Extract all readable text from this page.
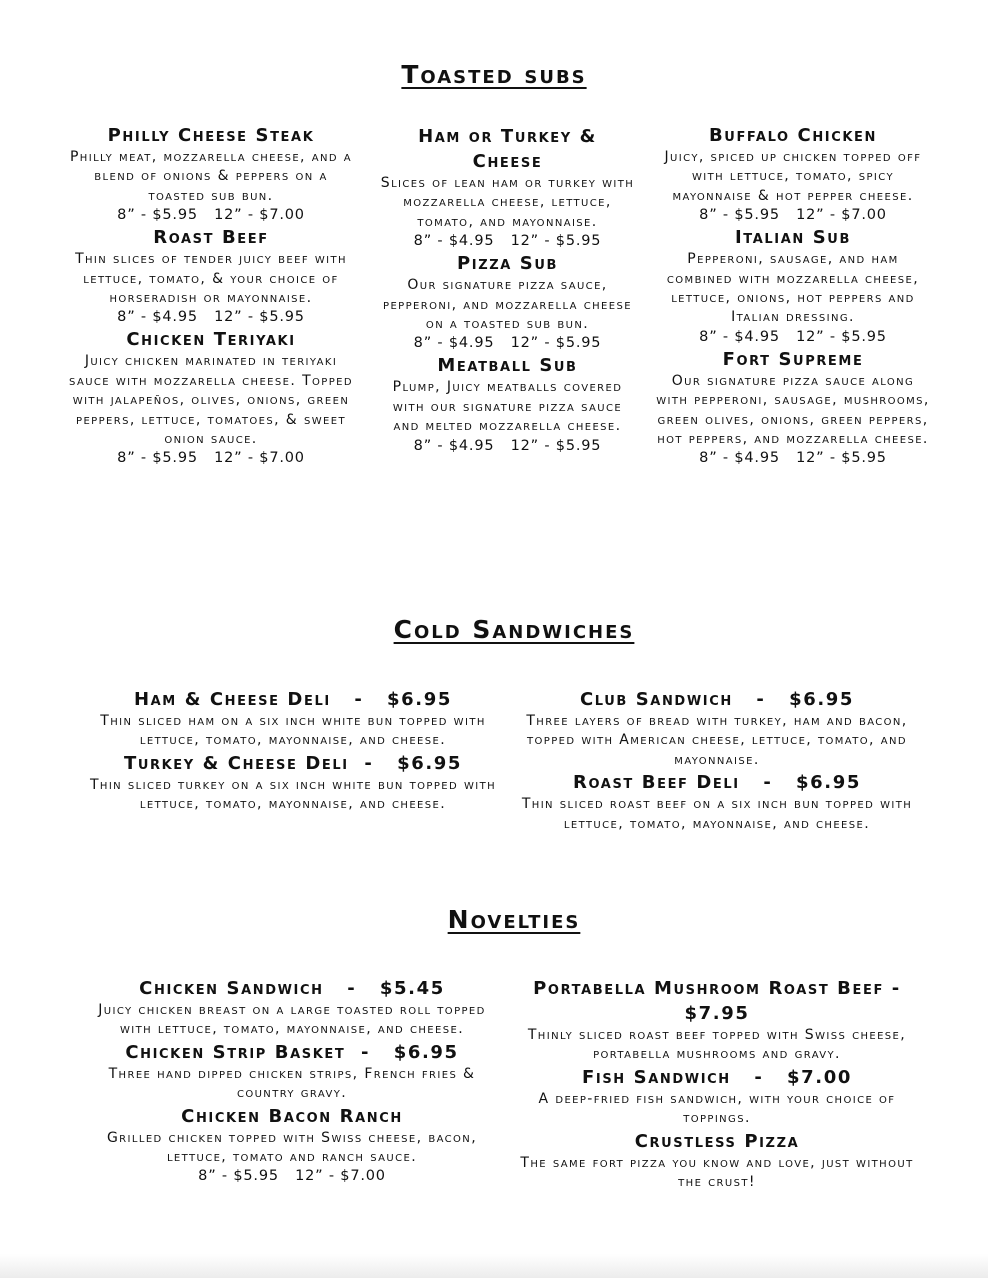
Toasted subs

Philly Cheese Steak

Philly meat, mozzarella cheese, and a blend of onions & peppers on a toasted sub bun.

8” - $5.95   12” - $7.00

Roast Beef

Thin slices of tender juicy beef with lettuce, tomato, & your choice of horseradish or mayonnaise.

8” - $4.95   12” - $5.95

Chicken Teriyaki

Juicy chicken marinated in teriyaki sauce with mozzarella cheese. Topped with jalapeños, olives, onions, green peppers, lettuce, tomatoes, & sweet onion sauce.

8” - $5.95   12” - $7.00

Ham or Turkey & Cheese

Slices of lean ham or turkey with mozzarella cheese, lettuce, tomato, and mayonnaise.

8” - $4.95   12” - $5.95

Pizza Sub

Our signature pizza sauce, pepperoni, and mozzarella cheese on a toasted sub bun.

8” - $4.95   12” - $5.95

Meatball Sub

Plump, Juicy meatballs covered with our signature pizza sauce and melted mozzarella cheese.

8” - $4.95   12” - $5.95

Buffalo Chicken

Juicy, spiced up chicken topped off with lettuce, tomato, spicy mayonnaise & hot pepper cheese.

8” - $5.95   12” - $7.00

Italian Sub

Pepperoni, sausage, and ham combined with mozzarella cheese, lettuce, onions, hot peppers and Italian dressing.

8” - $4.95   12” - $5.95

Fort Supreme

Our signature pizza sauce along with pepperoni, sausage, mushrooms, green olives, onions, green peppers, hot peppers, and mozzarella cheese.

8” - $4.95   12” - $5.95

Cold Sandwiches

Ham & Cheese Deli   -   $6.95

Thin sliced ham on a six inch white bun topped with lettuce, tomato, mayonnaise, and cheese.

Turkey & Cheese Deli  -   $6.95

Thin sliced turkey on a six inch white bun topped with lettuce, tomato, mayonnaise, and cheese.

Club Sandwich   -   $6.95

Three layers of bread with turkey, ham and bacon, topped with American cheese, lettuce, tomato, and mayonnaise.

Roast Beef Deli   -   $6.95

Thin sliced roast beef on a six inch bun topped with lettuce, tomato, mayonnaise, and cheese.

Novelties

Chicken Sandwich   -   $5.45

Juicy chicken breast on a large toasted roll topped with lettuce, tomato, mayonnaise, and cheese.

Chicken Strip Basket  -   $6.95

Three hand dipped chicken strips, French fries & country gravy.

Chicken Bacon Ranch

Grilled chicken topped with Swiss cheese, bacon, lettuce, tomato and ranch sauce.

8” - $5.95   12” - $7.00

Portabella Mushroom Roast Beef - $7.95

Thinly sliced roast beef topped with Swiss cheese, portabella mushrooms and gravy.

Fish Sandwich   -   $7.00

A deep-fried fish sandwich, with your choice of toppings.

Crustless Pizza

The same fort pizza you know and love, just without the crust!
